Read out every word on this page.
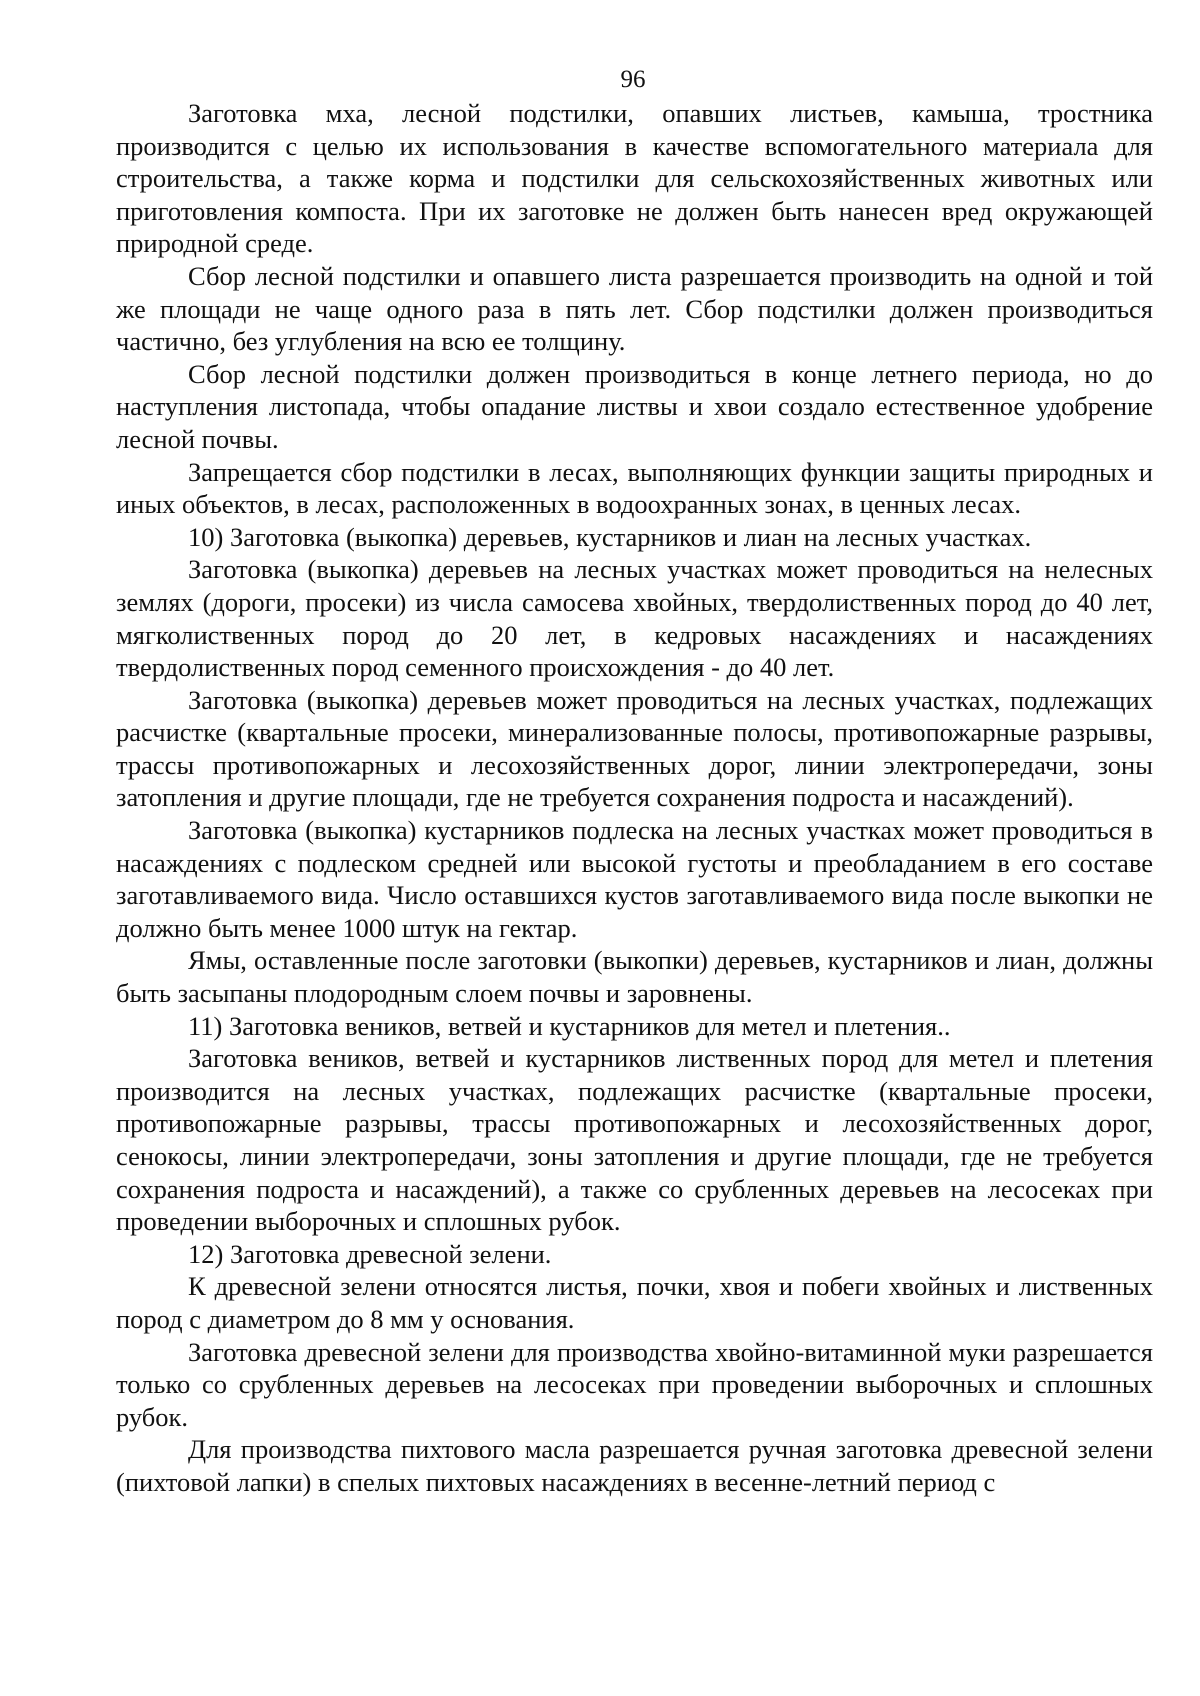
96

Заготовка мха, лесной подстилки, опавших листьев, камыша, тростника производится с целью их использования в качестве вспомогательного материала для строительства, а также корма и подстилки для сельскохозяйственных животных или приготовления компоста. При их заготовке не должен быть нанесен вред окружающей природной среде.

Сбор лесной подстилки и опавшего листа разрешается производить на одной и той же площади не чаще одного раза в пять лет. Сбор подстилки должен производиться частично, без углубления на всю ее толщину.

Сбор лесной подстилки должен производиться в конце летнего периода, но до наступления листопада, чтобы опадание листвы и хвои создало естественное удобрение лесной почвы.

Запрещается сбор подстилки в лесах, выполняющих функции защиты природных и иных объектов, в лесах, расположенных в водоохранных зонах, в ценных лесах.

10) Заготовка (выкопка) деревьев, кустарников и лиан на лесных участках.

Заготовка (выкопка) деревьев на лесных участках может проводиться на нелесных землях (дороги, просеки) из числа самосева хвойных, твердолиственных пород до 40 лет, мягколиственных пород до 20 лет, в кедровых насаждениях и насаждениях твердолиственных пород семенного происхождения - до 40 лет.

Заготовка (выкопка) деревьев может проводиться на лесных участках, подлежащих расчистке (квартальные просеки, минерализованные полосы, противопожарные разрывы, трассы противопожарных и лесохозяйственных дорог, линии электропередачи, зоны затопления и другие площади, где не требуется сохранения подроста и насаждений).

Заготовка (выкопка) кустарников подлеска на лесных участках может проводиться в насаждениях с подлеском средней или высокой густоты и преобладанием в его составе заготавливаемого вида. Число оставшихся кустов заготавливаемого вида после выкопки не должно быть менее 1000 штук на гектар.

Ямы, оставленные после заготовки (выкопки) деревьев, кустарников и лиан, должны быть засыпаны плодородным слоем почвы и заровнены.

11) Заготовка веников, ветвей и кустарников для метел и плетения..

Заготовка веников, ветвей и кустарников лиственных пород для метел и плетения производится на лесных участках, подлежащих расчистке (квартальные просеки, противопожарные разрывы, трассы противопожарных и лесохозяйственных дорог, сенокосы, линии электропередачи, зоны затопления и другие площади, где не требуется сохранения подроста и насаждений), а также со срубленных деревьев на лесосеках при проведении выборочных и сплошных рубок.

12) Заготовка древесной зелени.

К древесной зелени относятся листья, почки, хвоя и побеги хвойных и лиственных пород с диаметром до 8 мм у основания.

Заготовка древесной зелени для производства хвойно-витаминной муки разрешается только со срубленных деревьев на лесосеках при проведении выборочных и сплошных рубок.

Для производства пихтового масла разрешается ручная заготовка древесной зелени (пихтовой лапки) в спелых пихтовых насаждениях в весенне-летний период с
